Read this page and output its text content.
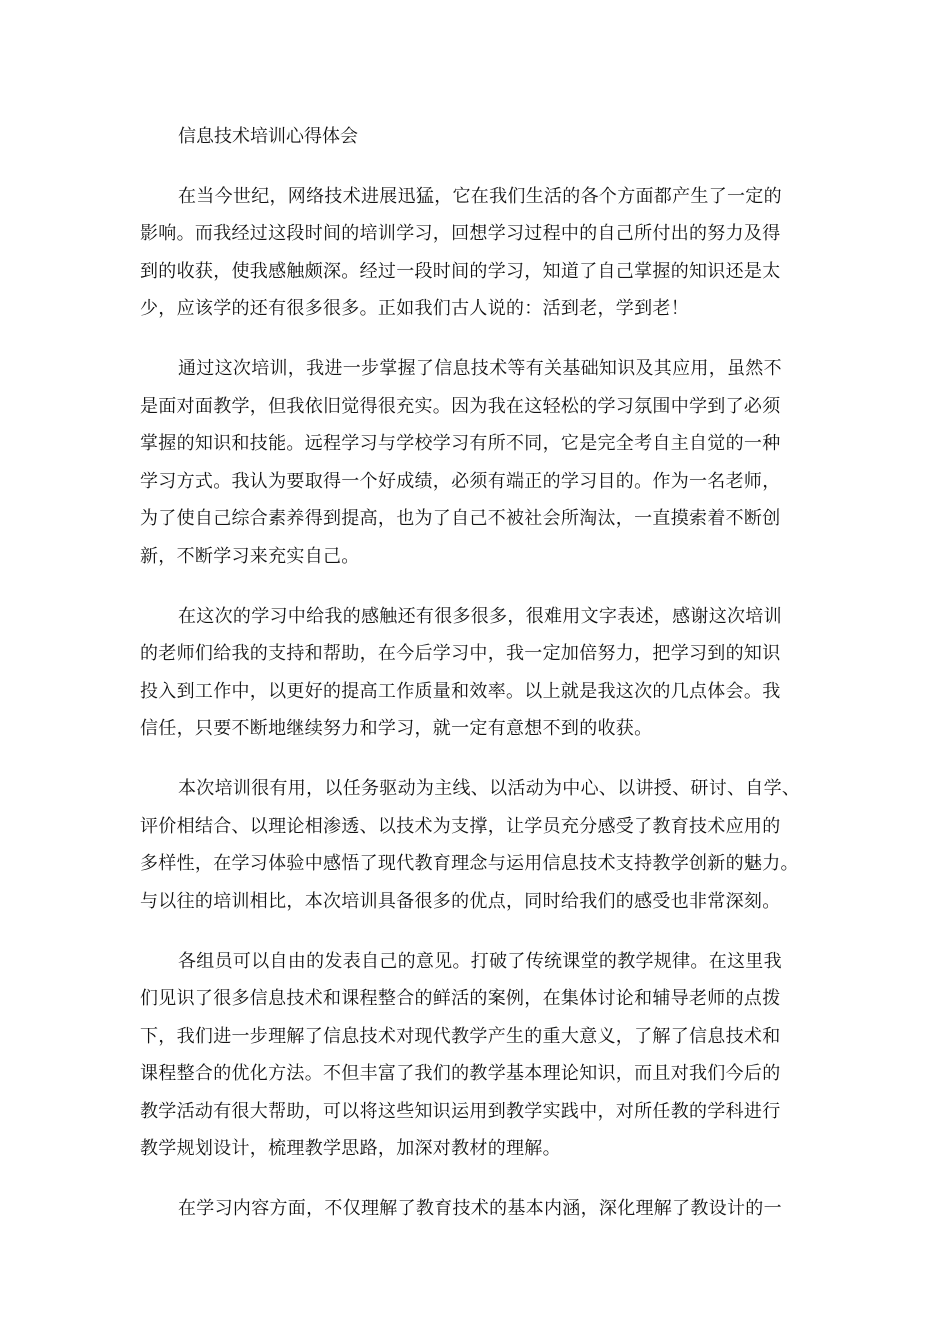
信息技术培训心得体会
在当今世纪，网络技术进展迅猛，它在我们生活的各个方面都产生了一定的
影响。而我经过这段时间的培训学习，回想学习过程中的自己所付出的努力及得
到的收获，使我感触颇深。经过一段时间的学习，知道了自己掌握的知识还是太
少，应该学的还有很多很多。正如我们古人说的：活到老，学到老！
通过这次培训，我进一步掌握了信息技术等有关基础知识及其应用，虽然不
是面对面教学，但我依旧觉得很充实。因为我在这轻松的学习氛围中学到了必须
掌握的知识和技能。远程学习与学校学习有所不同，它是完全考自主自觉的一种
学习方式。我认为要取得一个好成绩，必须有端正的学习目的。作为一名老师，
为了使自己综合素养得到提高，也为了自己不被社会所淘汰，一直摸索着不断创
新，不断学习来充实自己。
在这次的学习中给我的感触还有很多很多，很难用文字表述，感谢这次培训
的老师们给我的支持和帮助，在今后学习中，我一定加倍努力，把学习到的知识
投入到工作中，以更好的提高工作质量和效率。以上就是我这次的几点体会。我
信任，只要不断地继续努力和学习，就一定有意想不到的收获。
本次培训很有用，以任务驱动为主线、以活动为中心、以讲授、研讨、自学、
评价相结合、以理论相渗透、以技术为支撑，让学员充分感受了教育技术应用的
多样性，在学习体验中感悟了现代教育理念与运用信息技术支持教学创新的魅力。
与以往的培训相比，本次培训具备很多的优点，同时给我们的感受也非常深刻。
各组员可以自由的发表自己的意见。打破了传统课堂的教学规律。在这里我
们见识了很多信息技术和课程整合的鲜活的案例，在集体讨论和辅导老师的点拨
下，我们进一步理解了信息技术对现代教学产生的重大意义，了解了信息技术和
课程整合的优化方法。不但丰富了我们的教学基本理论知识，而且对我们今后的
教学活动有很大帮助，可以将这些知识运用到教学实践中，对所任教的学科进行
教学规划设计，梳理教学思路，加深对教材的理解。
在学习内容方面，不仅理解了教育技术的基本内涵，深化理解了教设计的一
